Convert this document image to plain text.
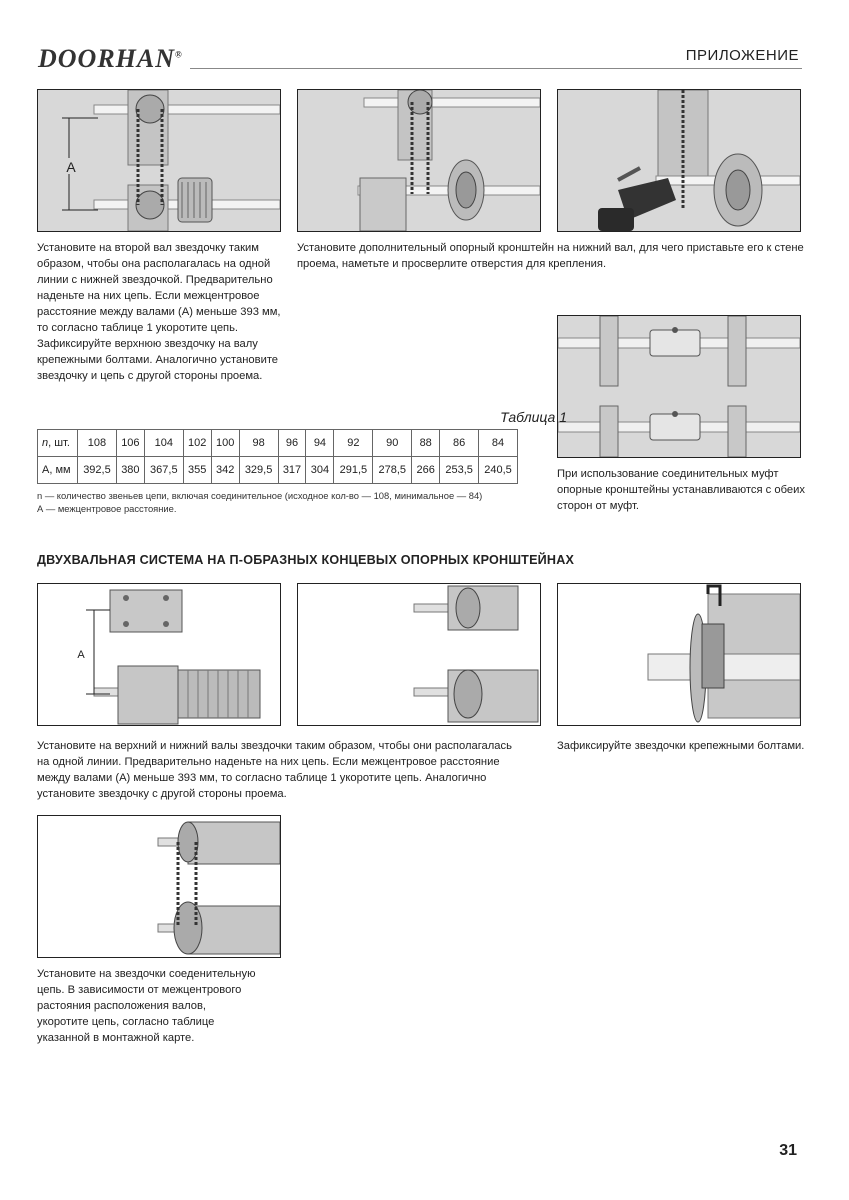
DOORHAN®	ПРИЛОЖЕНИЕ
A
Установите на второй вал звездочку таким образом, чтобы она располагалась на одной линии с нижней звездочкой. Предварительно наденьте на них цепь. Если межцентровое расстояние между валами (А) меньше 393 мм, то согласно таблице 1 укоротите цепь. Зафиксируйте верхнюю звездочку на валу крепежными болтами. Аналогично установите звездочку и цепь с другой стороны проема.
Установите дополнительный опорный кронштейн на нижний вал, для чего приставьте его к стене проема, наметьте и просверлите отверстия для крепления.
Таблица 1
n, шт.	108	106	104	102	100	98	96	94	92	90	88	86	84
А, мм	392,5	380	367,5	355	342	329,5	317	304	291,5	278,5	266	253,5	240,5
n — количество звеньев цепи, включая соединительное (исходное кол-во — 108, минимальное — 84)
А — межцентровое расстояние.
При использование соединительных муфт опорные кронштейны устанавливаются с обеих сторон от муфт.
ДВУХВАЛЬНАЯ СИСТЕМА НА П-ОБРАЗНЫХ КОНЦЕВЫХ ОПОРНЫХ КРОНШТЕЙНАХ
A
Установите на верхний и нижний валы звездочки таким образом, чтобы они располагалась на одной линии. Предварительно наденьте на них цепь. Если межцентровое расстояние между валами (А) меньше 393 мм, то согласно таблице 1 укоротите цепь. Аналогично установите звездочку с другой стороны проема.
Зафиксируйте звездочки крепежными болтами.
Установите на звездочки соеденительную цепь. В зависимости от межцентрового растояния расположения валов, укоротите цепь, согласно таблице указанной в монтажной карте.
31
